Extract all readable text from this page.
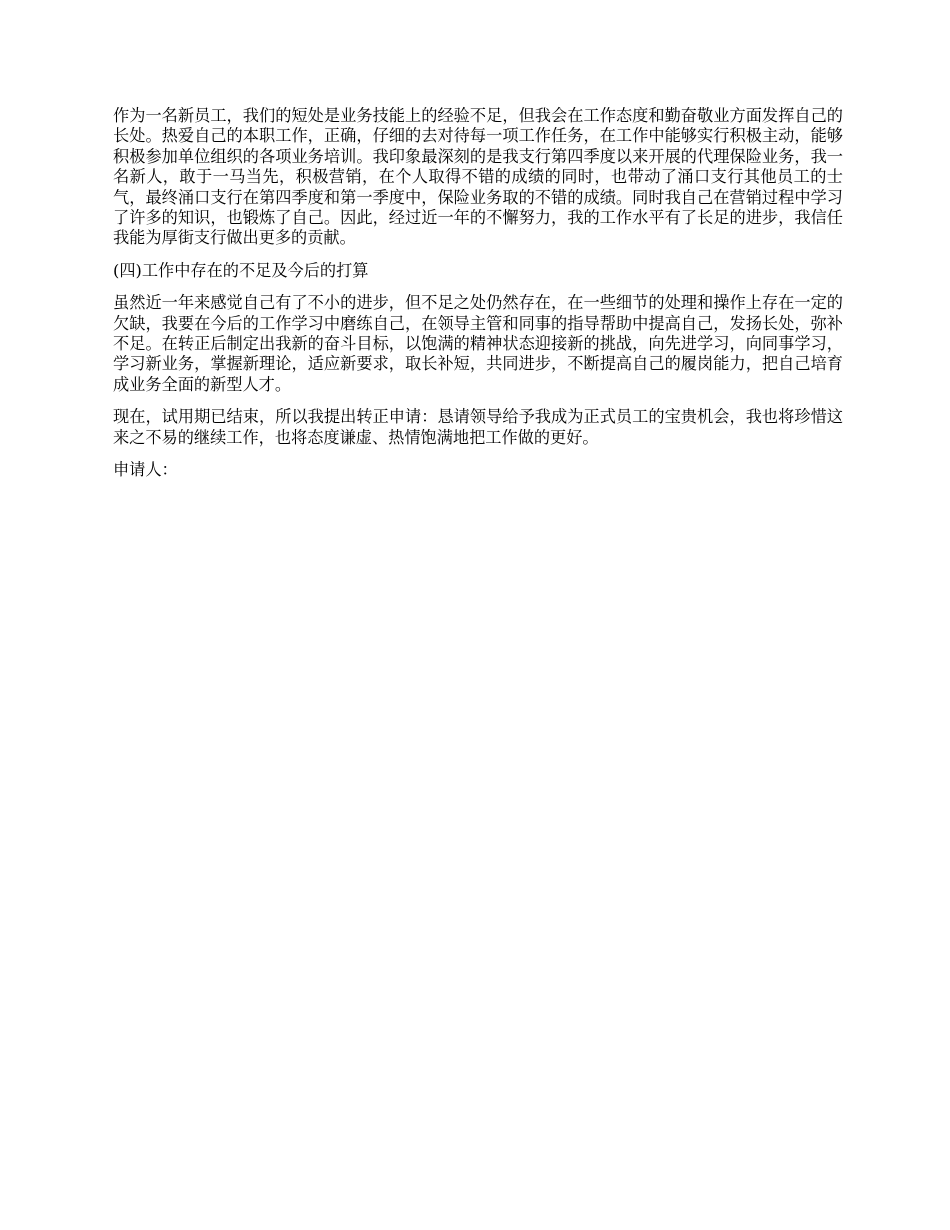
作为一名新员工，我们的短处是业务技能上的经验不足，但我会在工作态度和勤奋敬业方面发挥自己的长处。热爱自己的本职工作，正确，仔细的去对待每一项工作任务，在工作中能够实行积极主动，能够积极参加单位组织的各项业务培训。我印象最深刻的是我支行第四季度以来开展的代理保险业务，我一名新人，敢于一马当先，积极营销，在个人取得不错的成绩的同时，也带动了涌口支行其他员工的士气，最终涌口支行在第四季度和第一季度中，保险业务取的不错的成绩。同时我自己在营销过程中学习了许多的知识，也锻炼了自己。因此，经过近一年的不懈努力，我的工作水平有了长足的进步，我信任我能为厚街支行做出更多的贡献。

(四)工作中存在的不足及今后的打算

虽然近一年来感觉自己有了不小的进步，但不足之处仍然存在，在一些细节的处理和操作上存在一定的欠缺，我要在今后的工作学习中磨练自己，在领导主管和同事的指导帮助中提高自己，发扬长处，弥补不足。在转正后制定出我新的奋斗目标，以饱满的精神状态迎接新的挑战，向先进学习，向同事学习，学习新业务，掌握新理论，适应新要求，取长补短，共同进步，不断提高自己的履岗能力，把自己培育成业务全面的新型人才。

现在，试用期已结束，所以我提出转正申请：恳请领导给予我成为正式员工的宝贵机会，我也将珍惜这来之不易的继续工作，也将态度谦虚、热情饱满地把工作做的更好。

申请人：
